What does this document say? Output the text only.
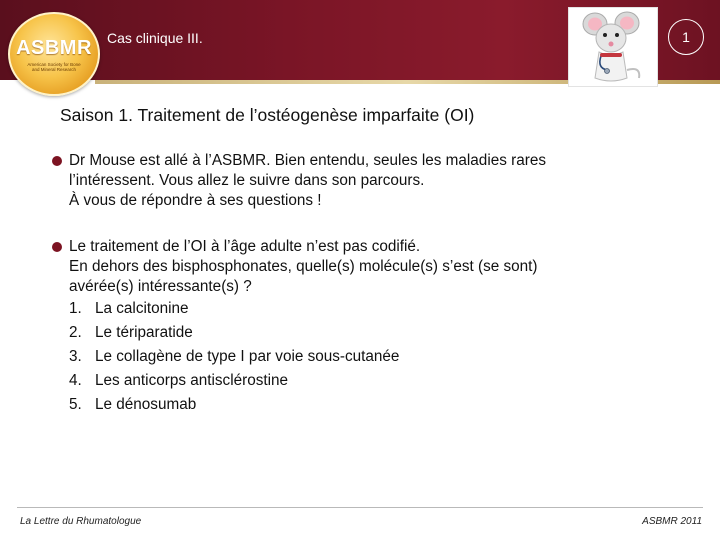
ASBMR
American Society for Bone and Mineral Research
Cas clinique III.	1
Saison 1. Traitement de l’ostéogenèse imparfaite (OI)
Dr Mouse est allé à l’ASBMR. Bien entendu, seules les maladies rares
l’intéressent. Vous allez le suivre dans son parcours.
À vous de répondre à ses questions !
Le traitement de l’OI à l’âge adulte n’est pas codifié.
En dehors des bisphosphonates, quelle(s) molécule(s) s’est (se sont)
avérée(s) intéressante(s) ?
1. La calcitonine
2. Le tériparatide
3. Le collagène de type I par voie sous-cutanée
4. Les anticorps antisclérostine
5. Le dénosumab
La Lettre du Rhumatologue	ASBMR 2011
